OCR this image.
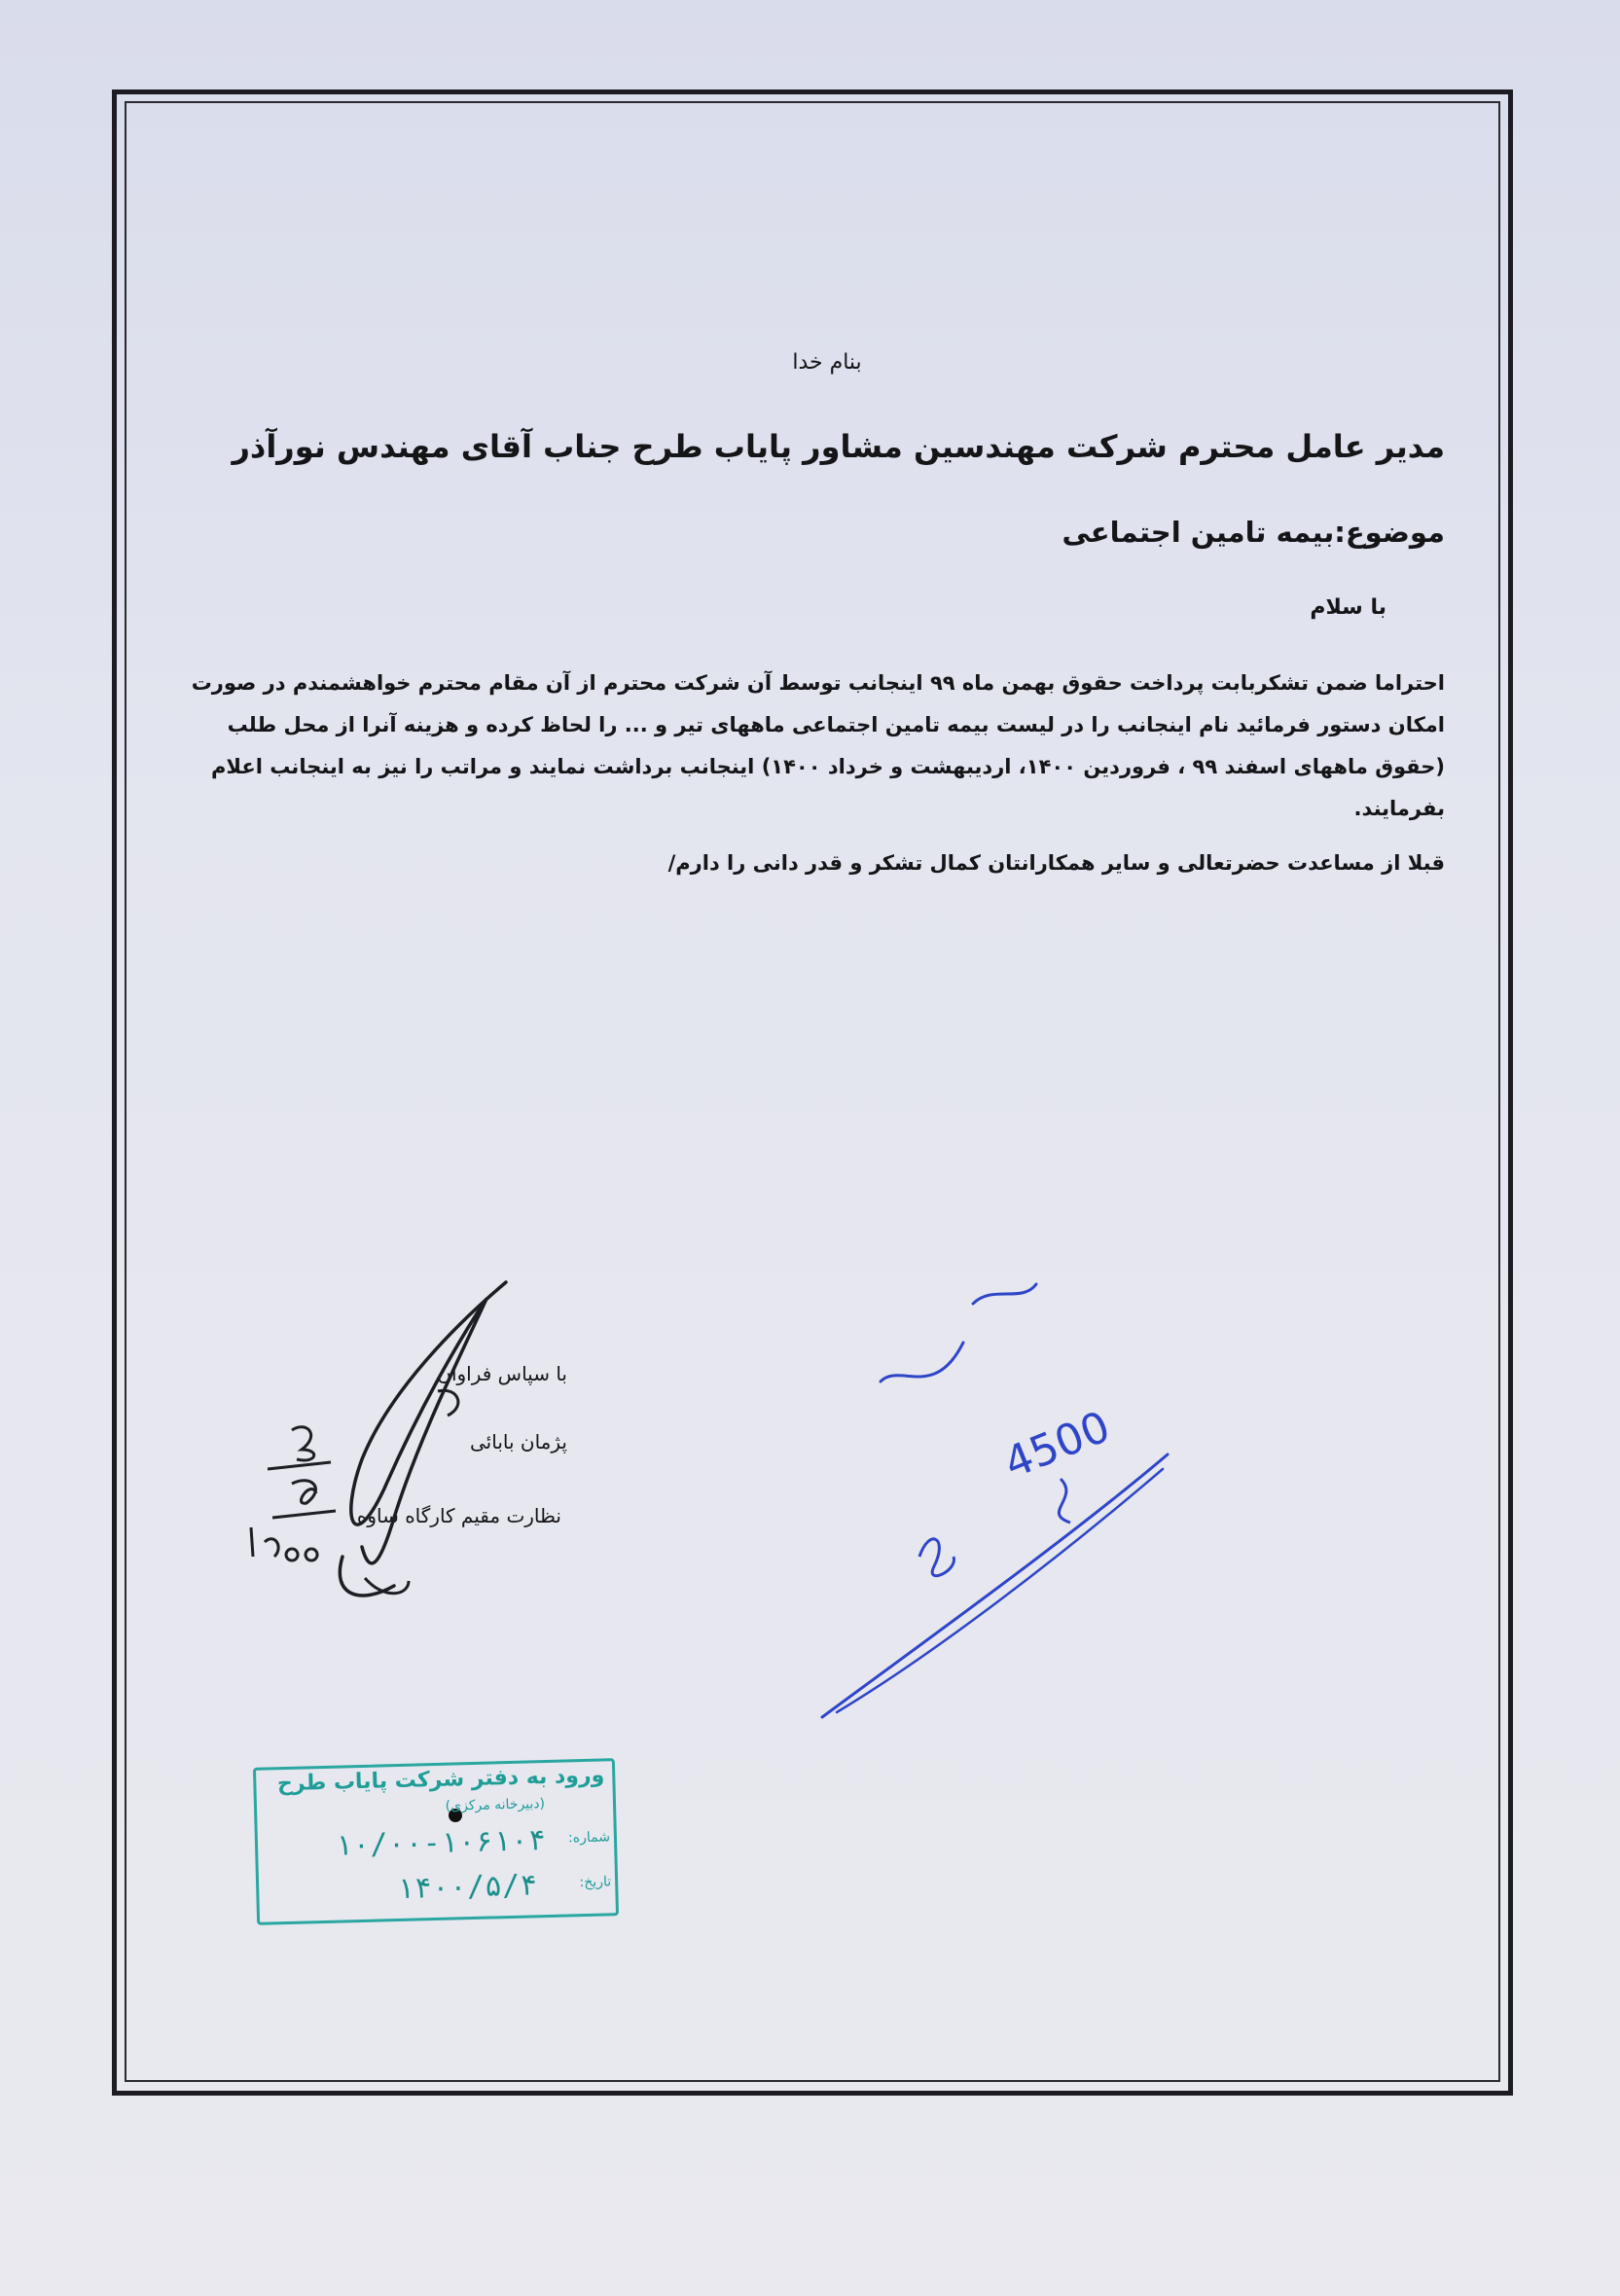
بنام خدا
مدیر عامل محترم شرکت مهندسین مشاور پایاب طرح جناب آقای مهندس نورآذر
موضوع:بیمه تامین اجتماعی
با سلام
احتراما ضمن تشکربابت پرداخت حقوق بهمن ماه ۹۹ اینجانب توسط آن شرکت محترم از آن مقام محترم خواهشمندم در صورت
امکان دستور فرمائید نام اینجانب را در لیست بیمه تامین اجتماعی ماههای تیر و ... را لحاظ کرده و هزینه آنرا از محل طلب
(حقوق ماههای اسفند ۹۹ ، فروردین ۱۴۰۰، اردیبهشت و خرداد ۱۴۰۰) اینجانب برداشت نمایند و مراتب را نیز به اینجانب اعلام
بفرمایند.
قبلا از مساعدت حضرتعالی و سایر همکارانتان کمال تشکر و قدر دانی را دارم/
با سپاس فراوان
پژمان بابائی
نظارت مقیم کارگاه ساوه
4500
ورود به دفتر شرکت پایاب طرح
(دبیرخانه مرکزی)
شماره:
۱۰/۰۰-۱۰۶۱۰۴
تاریخ:
۱۴۰۰/۵/۴
